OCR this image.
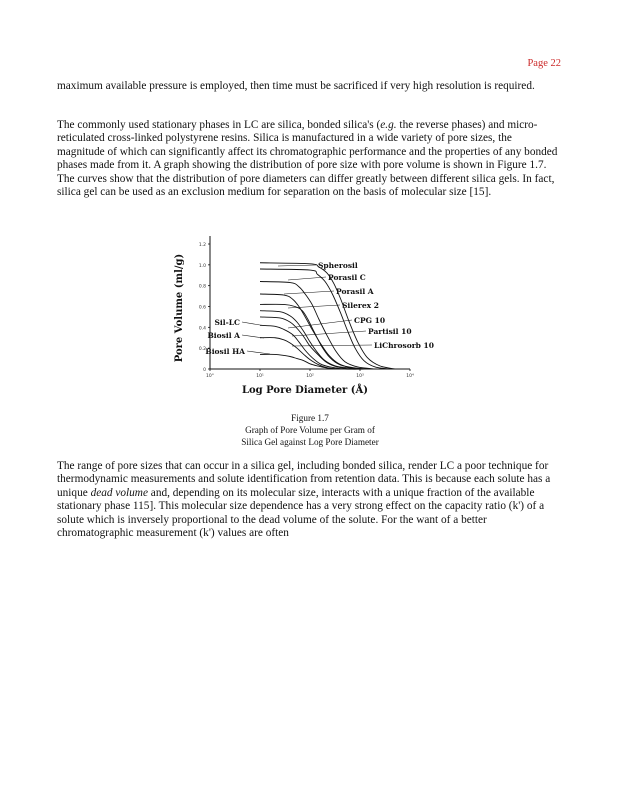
Page 22

maximum available pressure is employed, then time must be sacrificed if very high resolution is required.

The commonly used stationary phases in LC are silica, bonded silica's (e.g. the reverse phases) and micro-reticulated cross-linked polystyrene resins. Silica is manufactured in a wide variety of pore sizes, the magnitude of which can significantly affect its chromatographic performance and the properties of any bonded phases made from it. A graph showing the distribution of pore size with pore volume is shown in Figure 1.7. The curves show that the distribution of pore diameters can differ greatly between different silica gels. In fact, silica gel can be used as an exclusion medium for separation on the basis of molecular size [15].

0
0.2
0.4
0.6
0.8
1.0
1.2
10°	10¹	10²	10³	10⁴
Log Pore Diameter (Å)
Pore Volume (ml/g)	Spherosil
Porasil C
Porasil A
Silerex 2
CPG 10
Partisil 10
LiChrosorb 10
Sil-LC
Biosil A
Biosil HA
Figure 1.7
Graph of Pore Volume per Gram of
Silica Gel against Log Pore Diameter

The range of pore sizes that can occur in a silica gel, including bonded silica, render LC a poor technique for thermodynamic measurements and solute identification from retention data. This is because each solute has a unique dead volume and, depending on its molecular size, interacts with a unique fraction of the available stationary phase 115]. This molecular size dependence has a very strong effect on the capacity ratio (k') of a solute which is inversely proportional to the dead volume of the solute. For the want of a better chromatographic measurement (k') values are often
